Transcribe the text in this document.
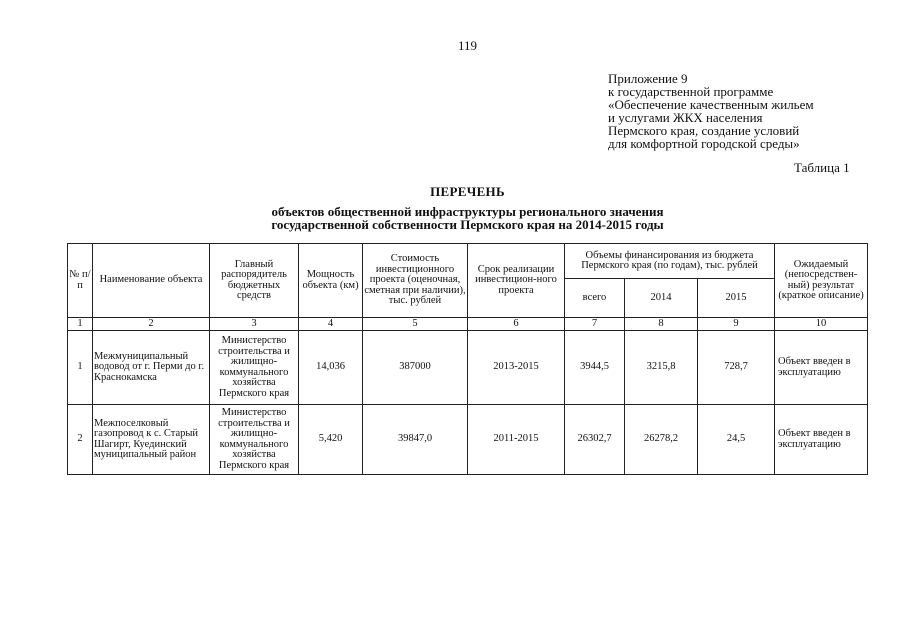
119
Приложение 9
к государственной программе
«Обеспечение качественным жильем
и услугами ЖКХ населения
Пермского края, создание условий
для комфортной городской среды»
Таблица 1
ПЕРЕЧЕНЬ
объектов общественной инфраструктуры регионального значения
государственной собственности Пермского края на 2014-2015 годы
№ п/п	Наименование объекта	Главный распорядитель бюджетных средств	Мощность объекта (км)	Стоимость инвестиционного проекта (оценочная, сметная при наличии), тыс. рублей	Срок реализации инвестицион-ного проекта	Объемы финансирования из бюджета Пермского края (по годам), тыс. рублей			Ожидаемый (непосредствен-ный) результат (краткое описание)
						всего	2014	2015	
1	2	3	4	5	6	7	8	9	10
1	Межмуниципальный водовод от г. Перми до г. Краснокамска	Министерство строительства и жилищно-коммунального хозяйства Пермского края	14,036	387000	2013-2015	3944,5	3215,8	728,7	Объект введен в эксплуатацию
2	Межпоселковый газопровод к с. Старый Шагирт, Куединский муниципальный район	Министерство строительства и жилищно-коммунального хозяйства Пермского края	5,420	39847,0	2011-2015	26302,7	26278,2	24,5	Объект введен в эксплуатацию
